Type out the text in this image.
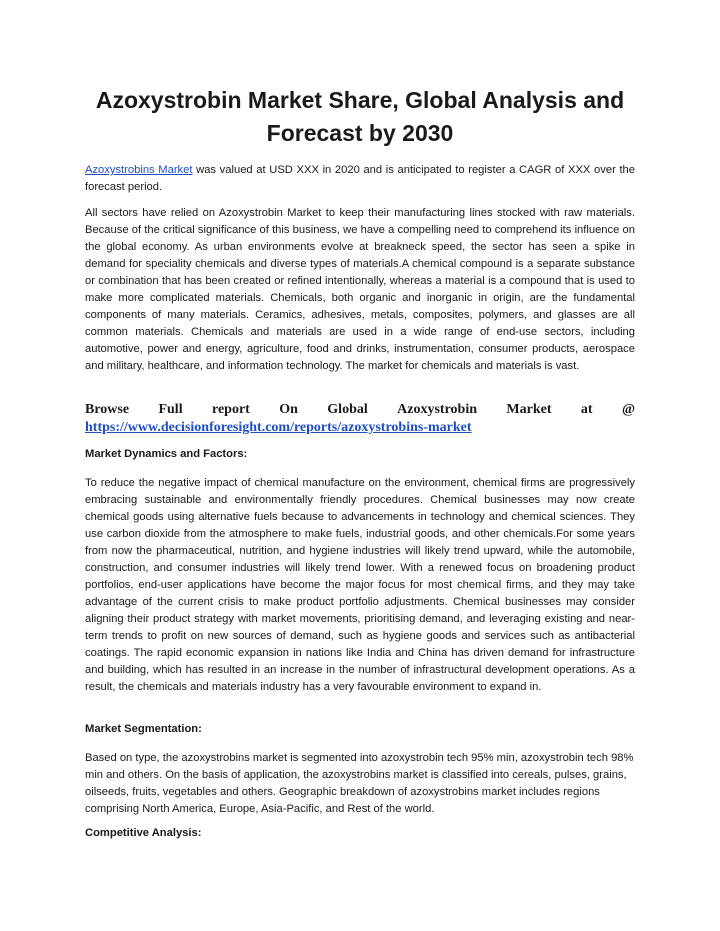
Azoxystrobin Market Share, Global Analysis and Forecast by 2030

Azoxystrobins Market was valued at USD XXX in 2020 and is anticipated to register a CAGR of XXX over the forecast period.

All sectors have relied on Azoxystrobin Market to keep their manufacturing lines stocked with raw materials. Because of the critical significance of this business, we have a compelling need to comprehend its influence on the global economy. As urban environments evolve at breakneck speed, the sector has seen a spike in demand for speciality chemicals and diverse types of materials.A chemical compound is a separate substance or combination that has been created or refined intentionally, whereas a material is a compound that is used to make more complicated materials. Chemicals, both organic and inorganic in origin, are the fundamental components of many materials. Ceramics, adhesives, metals, composites, polymers, and glasses are all common materials. Chemicals and materials are used in a wide range of end-use sectors, including automotive, power and energy, agriculture, food and drinks, instrumentation, consumer products, aerospace and military, healthcare, and information technology. The market for chemicals and materials is vast.

Browse Full report On Global Azoxystrobin Market at @
https://www.decisionforesight.com/reports/azoxystrobins-market

Market Dynamics and Factors:

To reduce the negative impact of chemical manufacture on the environment, chemical firms are progressively embracing sustainable and environmentally friendly procedures. Chemical businesses may now create chemical goods using alternative fuels because to advancements in technology and chemical sciences. They use carbon dioxide from the atmosphere to make fuels, industrial goods, and other chemicals.For some years from now the pharmaceutical, nutrition, and hygiene industries will likely trend upward, while the automobile, construction, and consumer industries will likely trend lower. With a renewed focus on broadening product portfolios, end-user applications have become the major focus for most chemical firms, and they may take advantage of the current crisis to make product portfolio adjustments. Chemical businesses may consider aligning their product strategy with market movements, prioritising demand, and leveraging existing and near-term trends to profit on new sources of demand, such as hygiene goods and services such as antibacterial coatings. The rapid economic expansion in nations like India and China has driven demand for infrastructure and building, which has resulted in an increase in the number of infrastructural development operations. As a result, the chemicals and materials industry has a very favourable environment to expand in.

Market Segmentation:

Based on type, the azoxystrobins market is segmented into azoxystrobin tech 95% min, azoxystrobin tech 98% min and others. On the basis of application, the azoxystrobins market is classified into cereals, pulses, grains, oilseeds, fruits, vegetables and others. Geographic breakdown of azoxystrobins market includes regions comprising North America, Europe, Asia-Pacific, and Rest of the world.

Competitive Analysis:
